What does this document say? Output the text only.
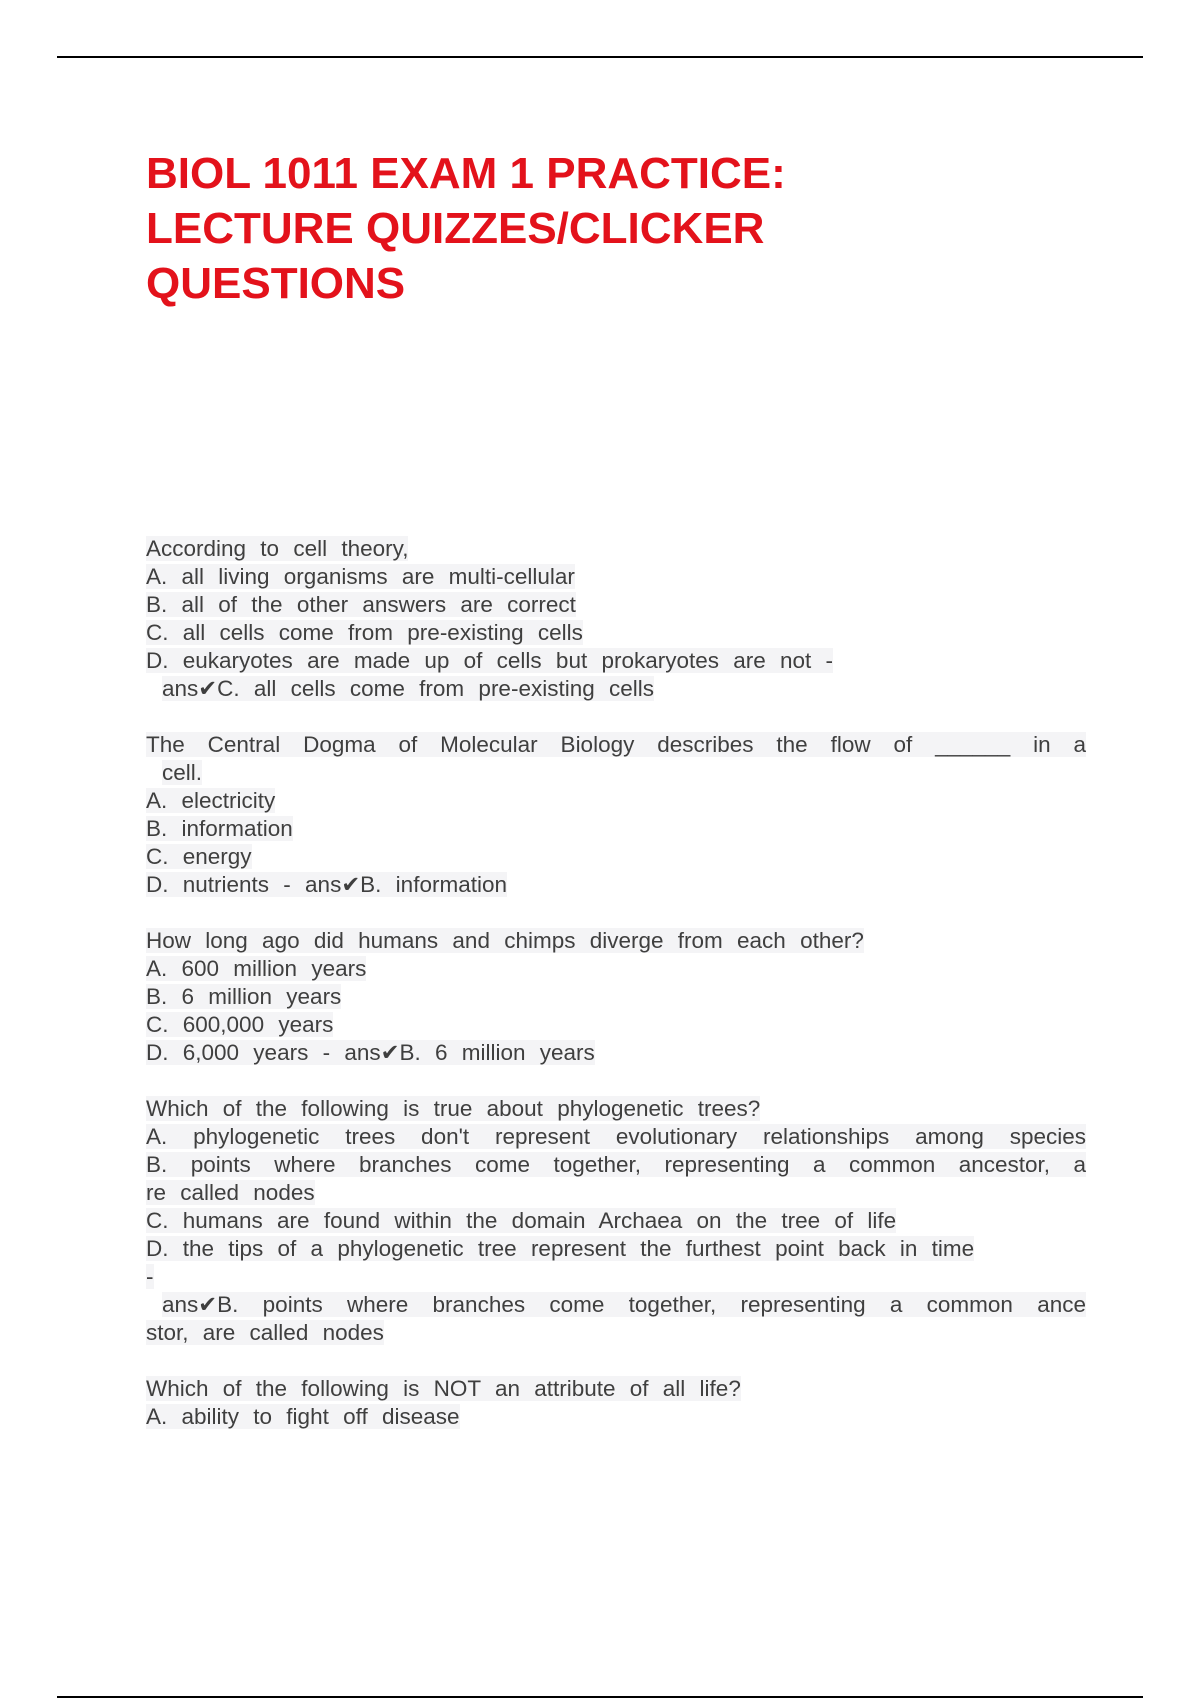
BIOL 1011 EXAM 1 PRACTICE:
LECTURE QUIZZES/CLICKER
QUESTIONS
According to cell theory,
A. all living organisms are multi-cellular
B. all of the other answers are correct
C. all cells come from pre-existing cells
D. eukaryotes are made up of cells but prokaryotes are not -
ans✔C. all cells come from pre-existing cells
The Central Dogma of Molecular Biology describes the flow of ______ in a
cell.
A. electricity
B. information
C. energy
D. nutrients - ans✔B. information
How long ago did humans and chimps diverge from each other?
A. 600 million years
B. 6 million years
C. 600,000 years
D. 6,000 years - ans✔B. 6 million years
Which of the following is true about phylogenetic trees?
A. phylogenetic trees don't represent evolutionary relationships among species
B. points where branches come together, representing a common ancestor, a
re called nodes
C. humans are found within the domain Archaea on the tree of life
D. the tips of a phylogenetic tree represent the furthest point back in time
-
ans✔B. points where branches come together, representing a common ance
stor, are called nodes
Which of the following is NOT an attribute of all life?
A. ability to fight off disease
